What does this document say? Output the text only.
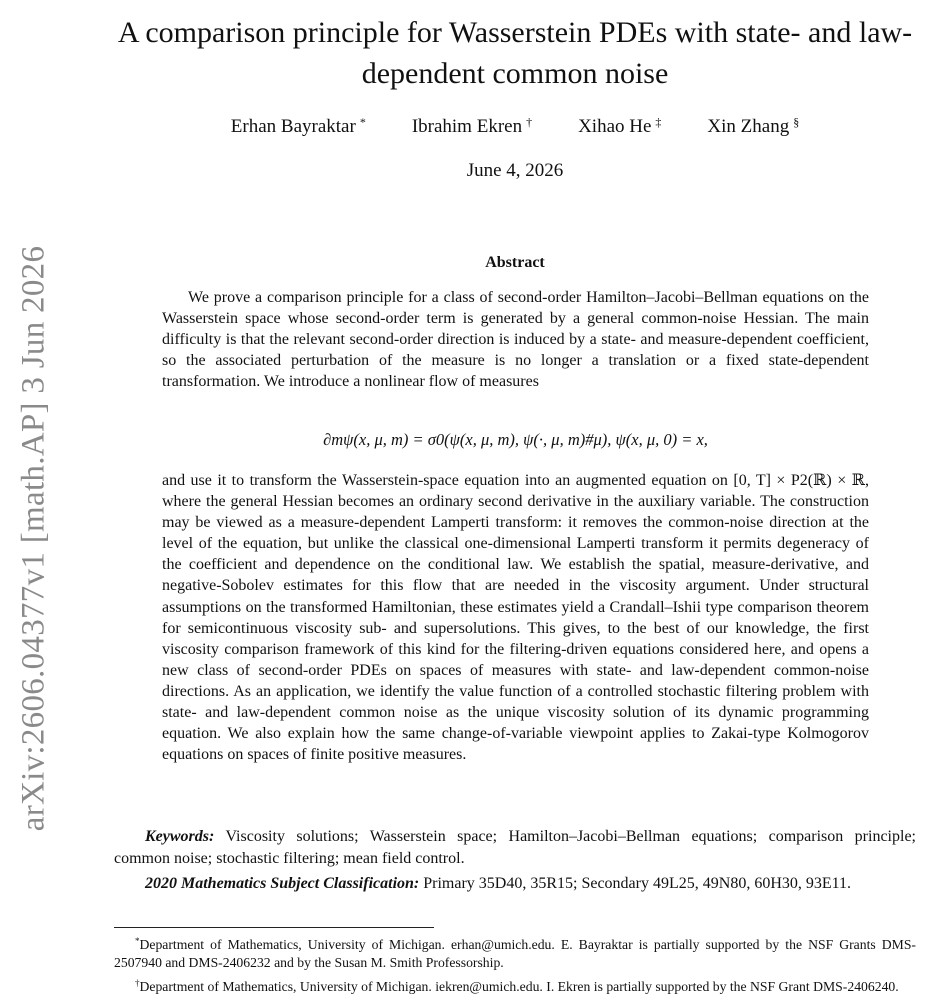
arXiv:2606.04377v1 [math.AP] 3 Jun 2026
A comparison principle for Wasserstein PDEs with state- and law-dependent common noise
Erhan Bayraktar * Ibrahim Ekren † Xihao He ‡ Xin Zhang §
June 4, 2026
Abstract

We prove a comparison principle for a class of second-order Hamilton–Jacobi–Bellman equations on the Wasserstein space whose second-order term is generated by a general common-noise Hessian. The main difficulty is that the relevant second-order direction is induced by a state- and measure-dependent coefficient, so the associated perturbation of the measure is no longer a translation or a fixed state-dependent transformation. We introduce a nonlinear flow of measures

∂mψ(x, μ, m) = σ0(ψ(x, μ, m), ψ(·, μ, m)#μ), ψ(x, μ, 0) = x,

and use it to transform the Wasserstein-space equation into an augmented equation on [0, T] × P2(ℝ) × ℝ, where the general Hessian becomes an ordinary second derivative in the auxiliary variable. The construction may be viewed as a measure-dependent Lamperti transform: it removes the common-noise direction at the level of the equation, but unlike the classical one-dimensional Lamperti transform it permits degeneracy of the coefficient and dependence on the conditional law. We establish the spatial, measure-derivative, and negative-Sobolev estimates for this flow that are needed in the viscosity argument. Under structural assumptions on the transformed Hamiltonian, these estimates yield a Crandall–Ishii type comparison theorem for semicontinuous viscosity sub- and supersolutions. This gives, to the best of our knowledge, the first viscosity comparison framework of this kind for the filtering-driven equations considered here, and opens a new class of second-order PDEs on spaces of measures with state- and law-dependent common-noise directions. As an application, we identify the value function of a controlled stochastic filtering problem with state- and law-dependent common noise as the unique viscosity solution of its dynamic programming equation. We also explain how the same change-of-variable viewpoint applies to Zakai-type Kolmogorov equations on spaces of finite positive measures.

Keywords: Viscosity solutions; Wasserstein space; Hamilton–Jacobi–Bellman equations; comparison principle; common noise; stochastic filtering; mean field control.

2020 Mathematics Subject Classification: Primary 35D40, 35R15; Secondary 49L25, 49N80, 60H30, 93E11.

*Department of Mathematics, University of Michigan. erhan@umich.edu. E. Bayraktar is partially supported by the NSF Grants DMS-2507940 and DMS-2406232 and by the Susan M. Smith Professorship.

†Department of Mathematics, University of Michigan. iekren@umich.edu. I. Ekren is partially supported by the NSF Grant DMS-2406240.
